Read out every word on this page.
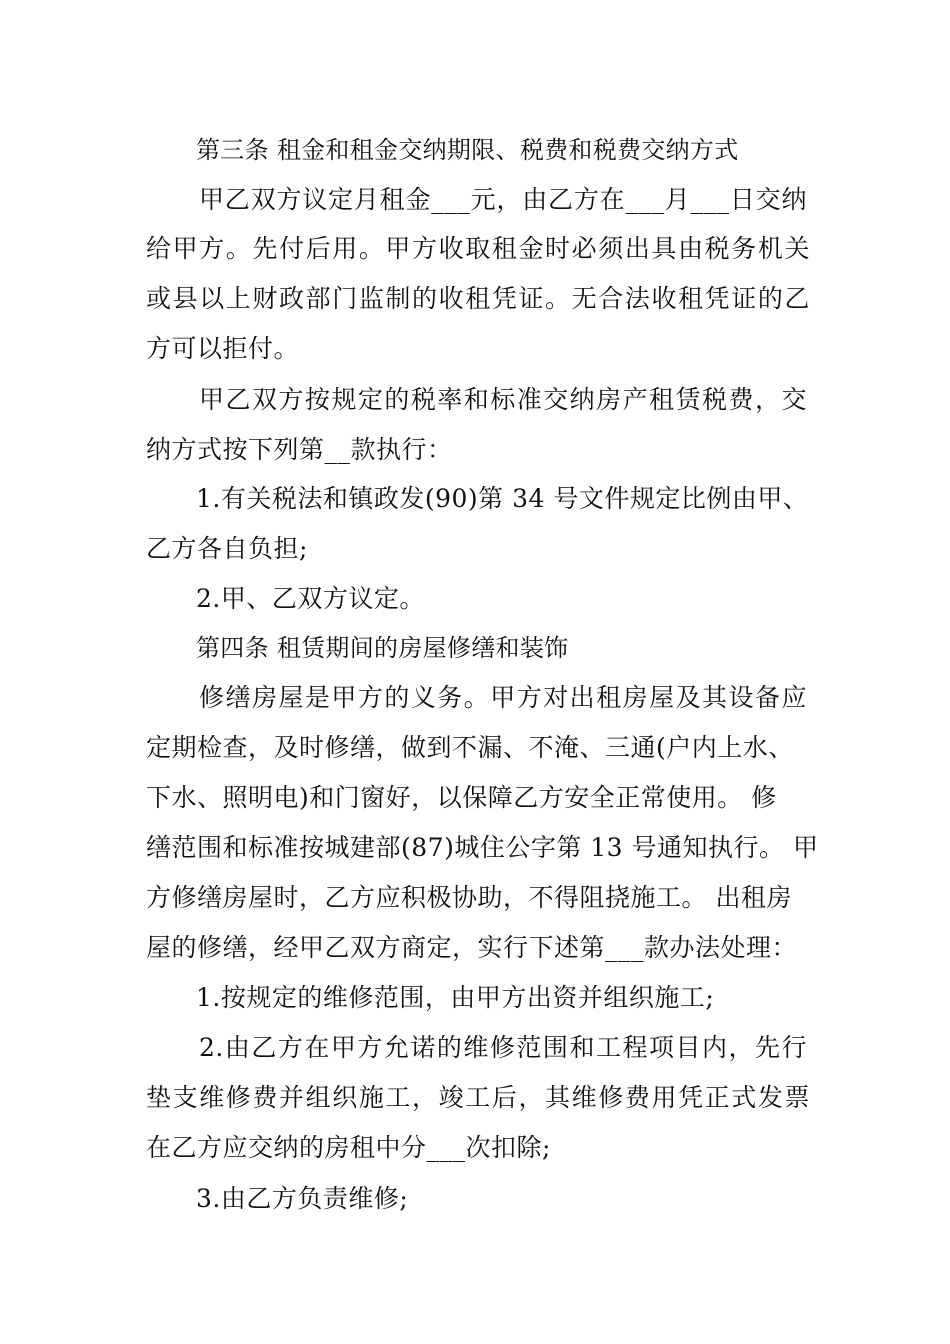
第三条 租金和租金交纳期限、税费和税费交纳方式
甲乙双方议定月租金___元，由乙方在___月___日交纳
给甲方。先付后用。甲方收取租金时必须出具由税务机关
或县以上财政部门监制的收租凭证。无合法收租凭证的乙
方可以拒付。
甲乙双方按规定的税率和标准交纳房产租赁税费，交
纳方式按下列第__款执行：
1.有关税法和镇政发(90)第 34 号文件规定比例由甲、
乙方各自负担;
2.甲、乙双方议定。
第四条 租赁期间的房屋修缮和装饰
修缮房屋是甲方的义务。甲方对出租房屋及其设备应
定期检查，及时修缮，做到不漏、不淹、三通(户内上水、
下水、照明电)和门窗好，以保障乙方安全正常使用。 修
缮范围和标准按城建部(87)城住公字第 13 号通知执行。 甲
方修缮房屋时，乙方应积极协助，不得阻挠施工。 出租房
屋的修缮，经甲乙双方商定，实行下述第___款办法处理：
1.按规定的维修范围，由甲方出资并组织施工;
2.由乙方在甲方允诺的维修范围和工程项目内，先行
垫支维修费并组织施工，竣工后，其维修费用凭正式发票
在乙方应交纳的房租中分___次扣除;
3.由乙方负责维修;
